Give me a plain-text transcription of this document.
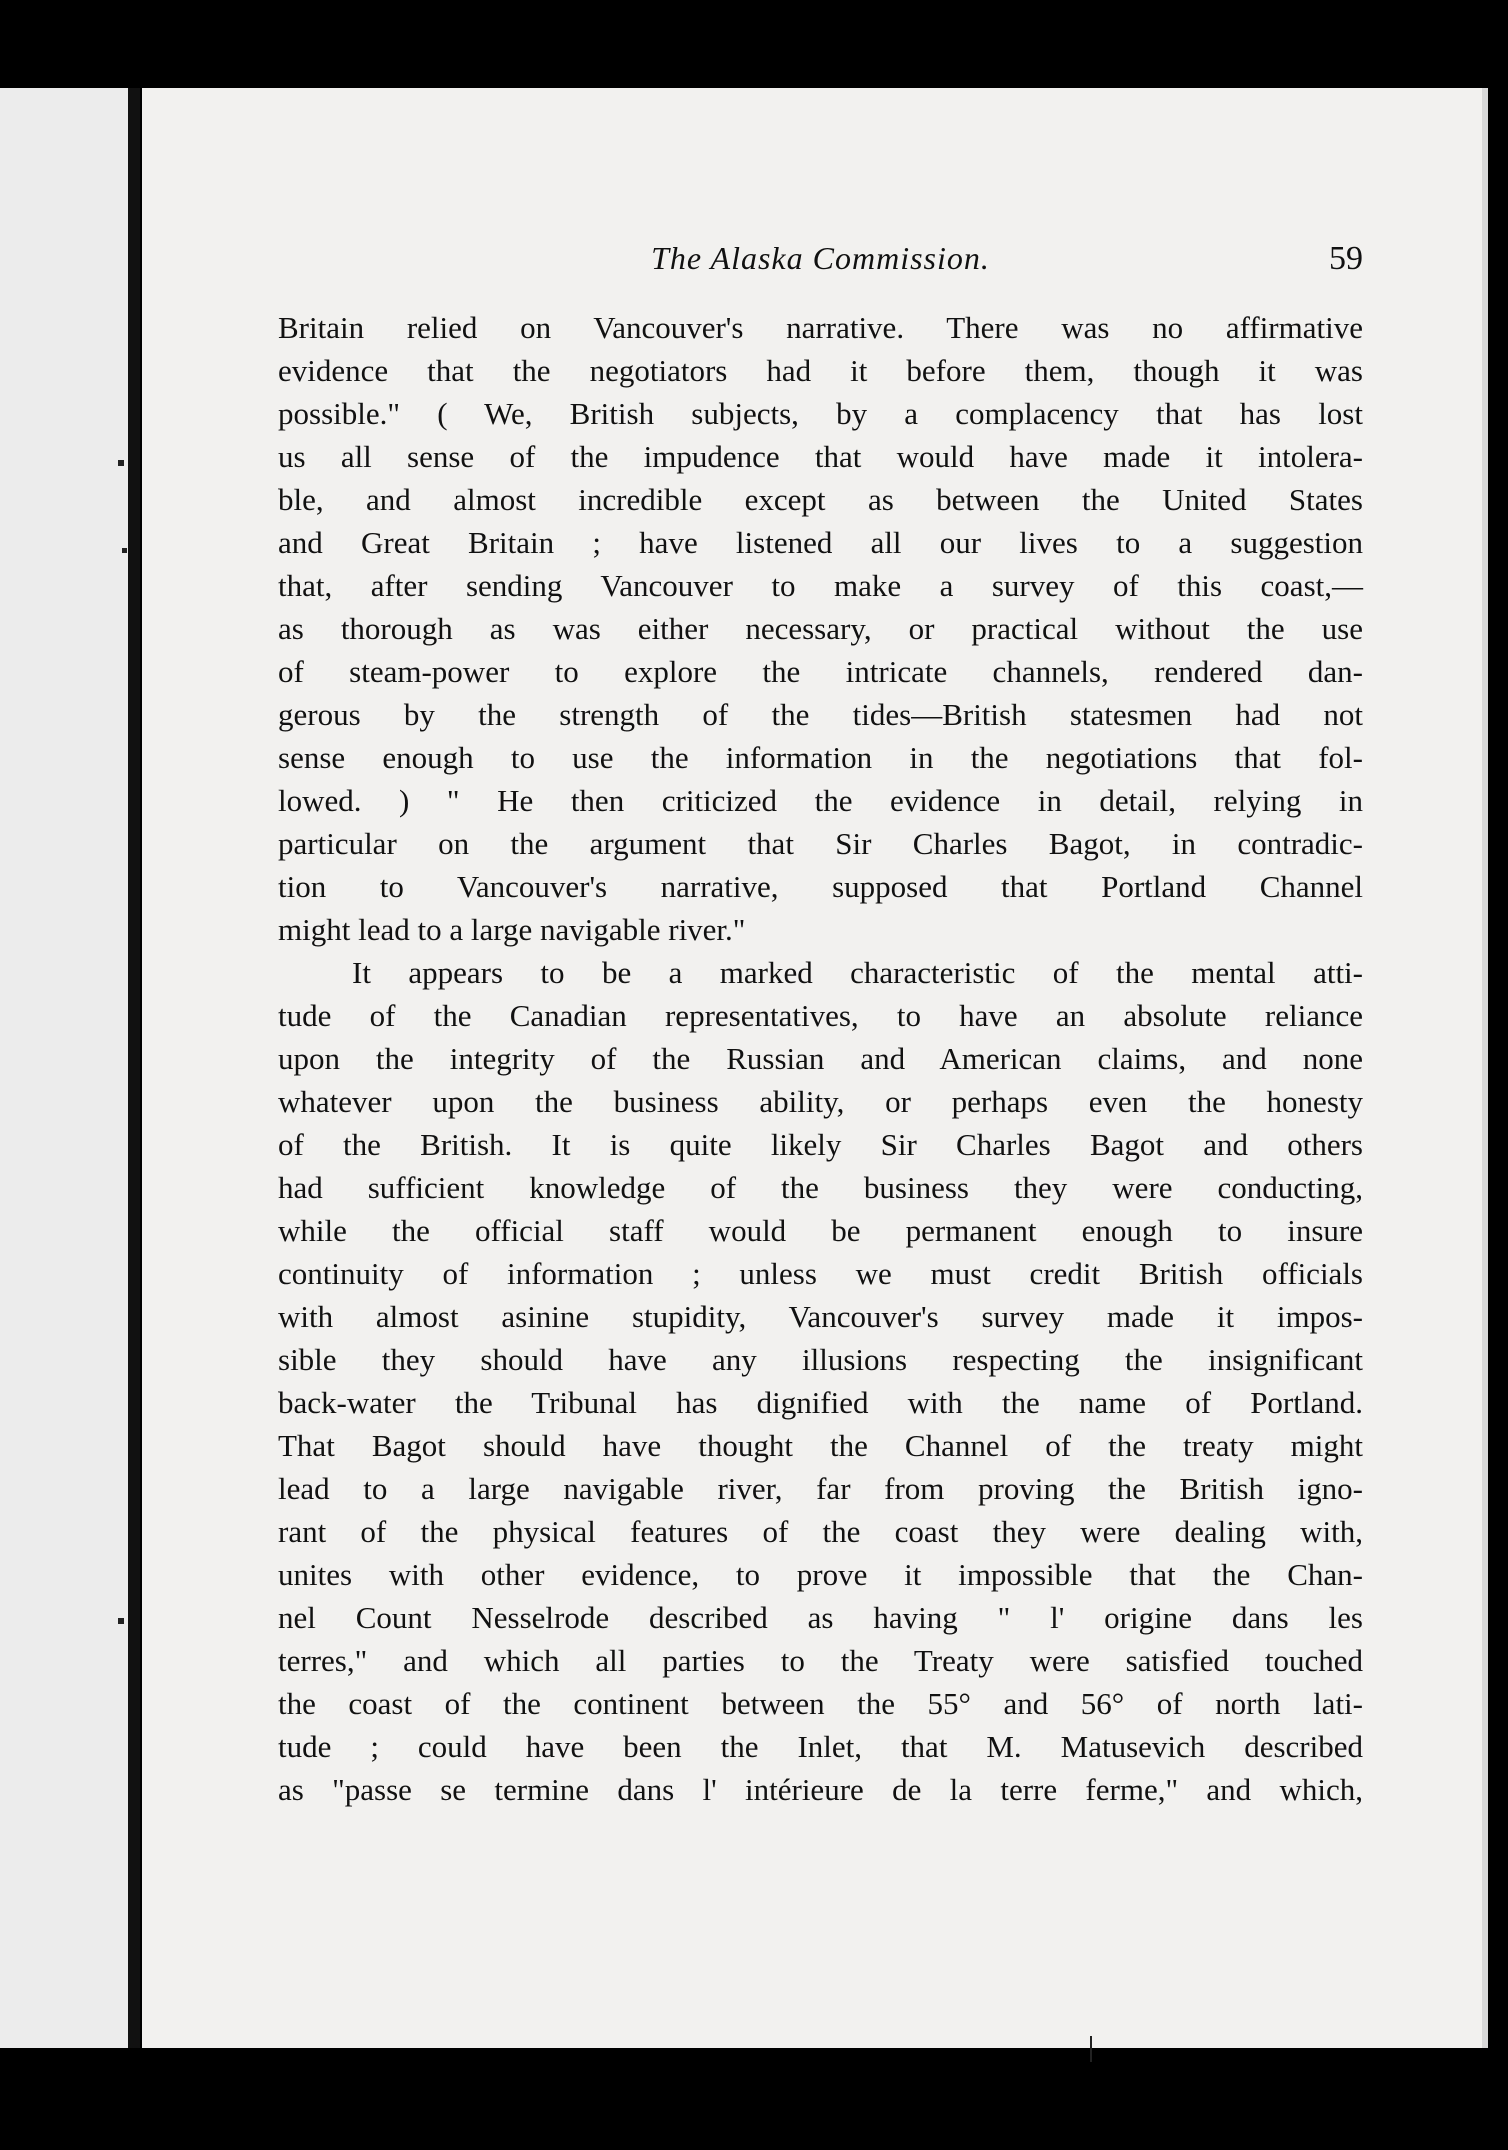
The Alaska Commission.	59
Britain relied on Vancouver's narrative. There was no affirmative
evidence that the negotiators had it before them, though it was
possible." ( We, British subjects, by a complacency that has lost
us all sense of the impudence that would have made it intolera-
ble, and almost incredible except as between the United States
and Great Britain ; have listened all our lives to a suggestion
that, after sending Vancouver to make a survey of this coast,—
as thorough as was either necessary, or practical without the use
of steam-power to explore the intricate channels, rendered dan-
gerous by the strength of the tides—British statesmen had not
sense enough to use the information in the negotiations that fol-
lowed. ) " He then criticized the evidence in detail, relying in
particular on the argument that Sir Charles Bagot, in contradic-
tion to Vancouver's narrative, supposed that Portland Channel
might lead to a large navigable river."
It appears to be a marked characteristic of the mental atti-
tude of the Canadian representatives, to have an absolute reliance
upon the integrity of the Russian and American claims, and none
whatever upon the business ability, or perhaps even the honesty
of the British. It is quite likely Sir Charles Bagot and others
had sufficient knowledge of the business they were conducting,
while the official staff would be permanent enough to insure
continuity of information ; unless we must credit British officials
with almost asinine stupidity, Vancouver's survey made it impos-
sible they should have any illusions respecting the insignificant
back-water the Tribunal has dignified with the name of Portland.
That Bagot should have thought the Channel of the treaty might
lead to a large navigable river, far from proving the British igno-
rant of the physical features of the coast they were dealing with,
unites with other evidence, to prove it impossible that the Chan-
nel Count Nesselrode described as having " l' origine dans les
terres," and which all parties to the Treaty were satisfied touched
the coast of the continent between the 55° and 56° of north lati-
tude ; could have been the Inlet, that M. Matusevich described
as "passe se termine dans l' intérieure de la terre ferme," and which,
